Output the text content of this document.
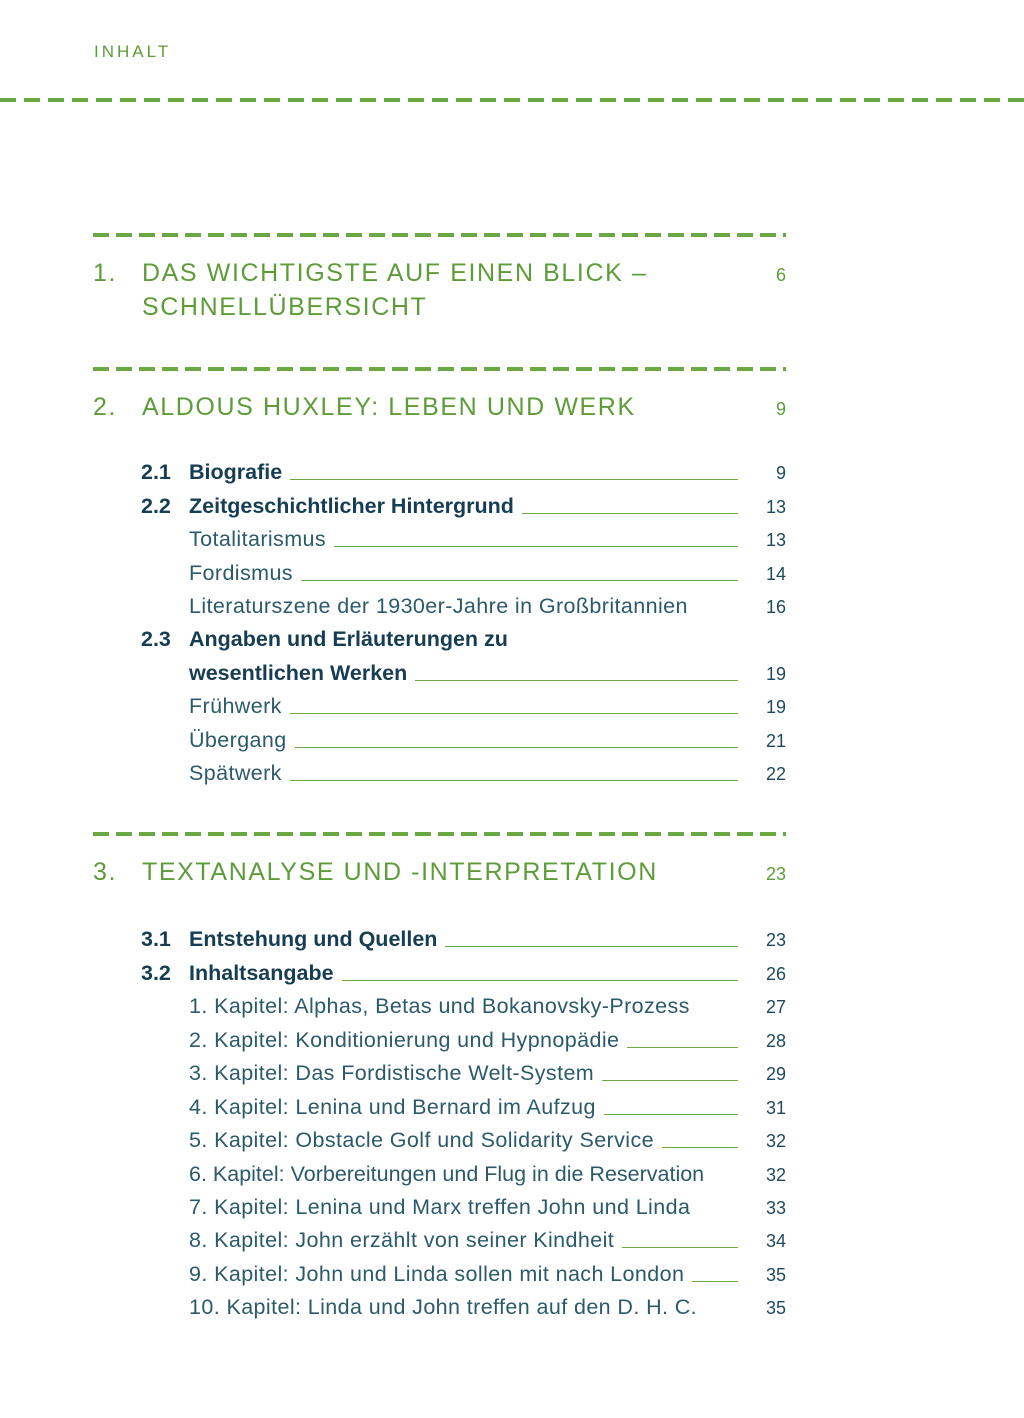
INHALT
1. DAS WICHTIGSTE AUF EINEN BLICK –
SCHNELLÜBERSICHT
6
2. ALDOUS HUXLEY: LEBEN UND WERK	9
2.1 Biografie	9
2.2 Zeitgeschichtlicher Hintergrund	13
Totalitarismus	13
Fordismus	14
Literaturszene der 1930er-Jahre in Großbritannien	16
2.3 Angaben und Erläuterungen zu
wesentlichen Werken	19
Frühwerk	19
Übergang	21
Spätwerk	22
3. TEXTANALYSE UND -INTERPRETATION	23
3.1 Entstehung und Quellen	23
3.2 Inhaltsangabe	26
1. Kapitel: Alphas, Betas und Bokanovsky-Prozess	27
2. Kapitel: Konditionierung und Hypnopädie	28
3. Kapitel: Das Fordistische Welt-System	29
4. Kapitel: Lenina und Bernard im Aufzug	31
5. Kapitel: Obstacle Golf und Solidarity Service	32
6. Kapitel: Vorbereitungen und Flug in die Reservation	32
7. Kapitel: Lenina und Marx treffen John und Linda	33
8. Kapitel: John erzählt von seiner Kindheit	34
9. Kapitel: John und Linda sollen mit nach London	35
10. Kapitel: Linda und John treffen auf den D. H. C.	35
